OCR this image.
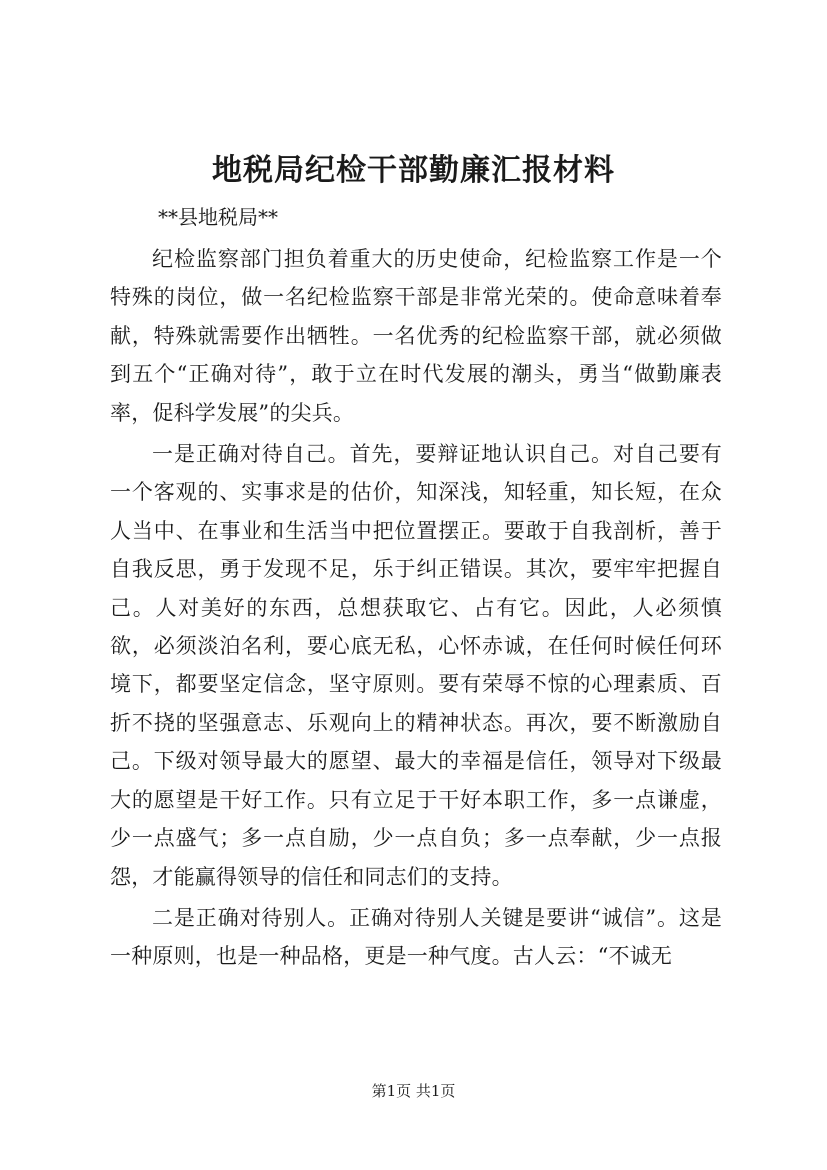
地税局纪检干部勤廉汇报材料

**县地税局**

纪检监察部门担负着重大的历史使命，纪检监察工作是一个特殊的岗位，做一名纪检监察干部是非常光荣的。使命意味着奉献，特殊就需要作出牺牲。一名优秀的纪检监察干部，就必须做到五个“正确对待”，敢于立在时代发展的潮头，勇当“做勤廉表率，促科学发展”的尖兵。

一是正确对待自己。首先，要辩证地认识自己。对自己要有一个客观的、实事求是的估价，知深浅，知轻重，知长短，在众人当中、在事业和生活当中把位置摆正。要敢于自我剖析，善于自我反思，勇于发现不足，乐于纠正错误。其次，要牢牢把握自己。人对美好的东西，总想获取它、占有它。因此，人必须慎欲，必须淡泊名利，要心底无私，心怀赤诚，在任何时候任何环境下，都要坚定信念，坚守原则。要有荣辱不惊的心理素质、百折不挠的坚强意志、乐观向上的精神状态。再次，要不断激励自己。下级对领导最大的愿望、最大的幸福是信任，领导对下级最大的愿望是干好工作。只有立足于干好本职工作，多一点谦虚，少一点盛气；多一点自励，少一点自负；多一点奉献，少一点报怨，才能赢得领导的信任和同志们的支持。

二是正确对待别人。正确对待别人关键是要讲“诚信”。这是一种原则，也是一种品格，更是一种气度。古人云：“不诚无

第1页 共1页
